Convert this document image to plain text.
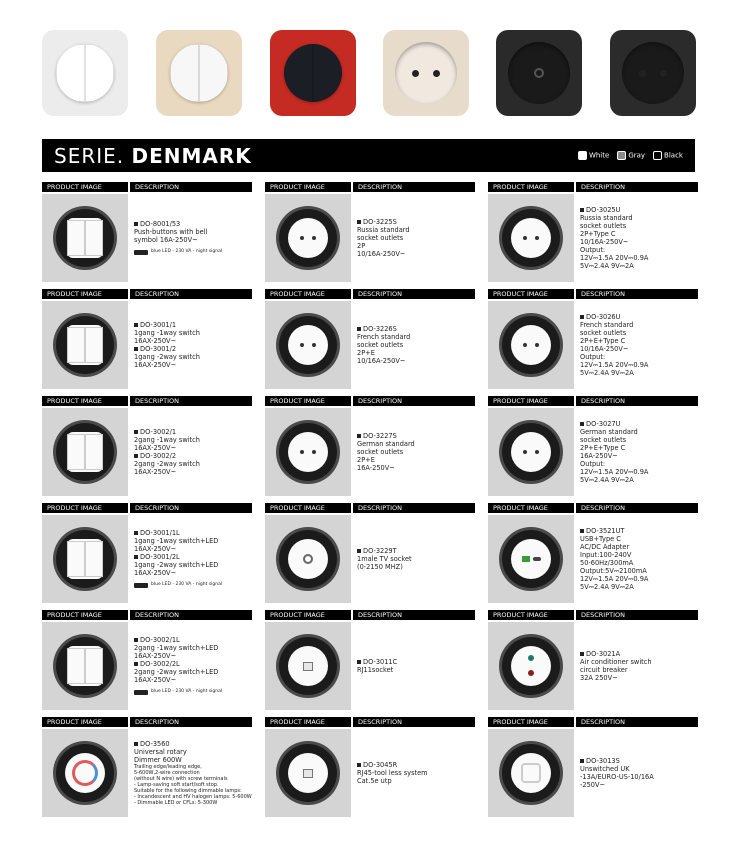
SERIE. DENMARK	White	Gray	Black
PRODUCT IMAGE	DESCRIPTION
DO-8001/53
Push-buttons with bell
symbol 16A-250V~
blue LED - 230 VA - night signal
PRODUCT IMAGE	DESCRIPTION
DO-3225S
Russia standard
socket outlets
2P
10/16A-250V~
PRODUCT IMAGE	DESCRIPTION
DO-3025U
Russia standard
socket outlets
2P+Type C
10/16A-250V~
Output:
12V⎓1.5A 20V⎓0.9A
5V⎓2.4A 9V⎓2A
PRODUCT IMAGE	DESCRIPTION
DO-3001/1
1gang -1way switch
16AX-250V~
DO-3001/2
1gang -2way switch
16AX-250V~
PRODUCT IMAGE	DESCRIPTION
DO-3226S
French standard
socket outlets
2P+E
10/16A-250V~
PRODUCT IMAGE	DESCRIPTION
DO-3026U
French standard
socket outlets
2P+E+Type C
10/16A-250V~
Output:
12V⎓1.5A 20V⎓0.9A
5V⎓2.4A 9V⎓2A
PRODUCT IMAGE	DESCRIPTION
DO-3002/1
2gang -1way switch
16AX-250V~
DO-3002/2
2gang -2way switch
16AX-250V~
PRODUCT IMAGE	DESCRIPTION
DO-3227S
German standard
socket outlets
2P+E
16A-250V~
PRODUCT IMAGE	DESCRIPTION
DO-3027U
German standard
socket outlets
2P+E+Type C
16A-250V~
Output:
12V⎓1.5A 20V⎓0.9A
5V⎓2.4A 9V⎓2A
PRODUCT IMAGE	DESCRIPTION
DO-3001/1L
1gang -1way switch+LED
16AX-250V~
DO-3001/2L
1gang -2way switch+LED
16AX-250V~
blue LED - 230 VA - night signal
PRODUCT IMAGE	DESCRIPTION
DO-3229T
1male TV socket
(0-2150 MHZ)
PRODUCT IMAGE	DESCRIPTION
DO-3521UT
USB+Type C
AC/DC Adapter
Input:100-240V
50-60Hz/300mA
Output:5V⎓2100mA
12V⎓1.5A 20V⎓0.9A
5V⎓2.4A 9V⎓2A
PRODUCT IMAGE	DESCRIPTION
DO-3002/1L
2gang -1way switch+LED
16AX-250V~
DO-3002/2L
2gang -2way switch+LED
16AX-250V~
blue LED - 230 VA - night signal
PRODUCT IMAGE	DESCRIPTION
DO-3011C
RJ11socket
PRODUCT IMAGE	DESCRIPTION
DO-3021A
Air conditioner switch
circuit breaker
32A 250V~
PRODUCT IMAGE	DESCRIPTION
DO-3560
Universal rotary
Dimmer 600W
Trailing edge/leading edge,
5-600W,2-wire connection
(without N wire) with screw terminals
- Lamp-saving soft start/soft stop.
Suitable for the following dimmable lamps:
- Incandescent and HV halogen lamps: 5-600W
- Dimmable LED or CFLs: 5-300W
PRODUCT IMAGE	DESCRIPTION
DO-3045R
RJ45-tool less system
Cat.5e utp
PRODUCT IMAGE	DESCRIPTION
DO-3013S
Unswitched UK
-13A/EURO-US-10/16A
-250V~
